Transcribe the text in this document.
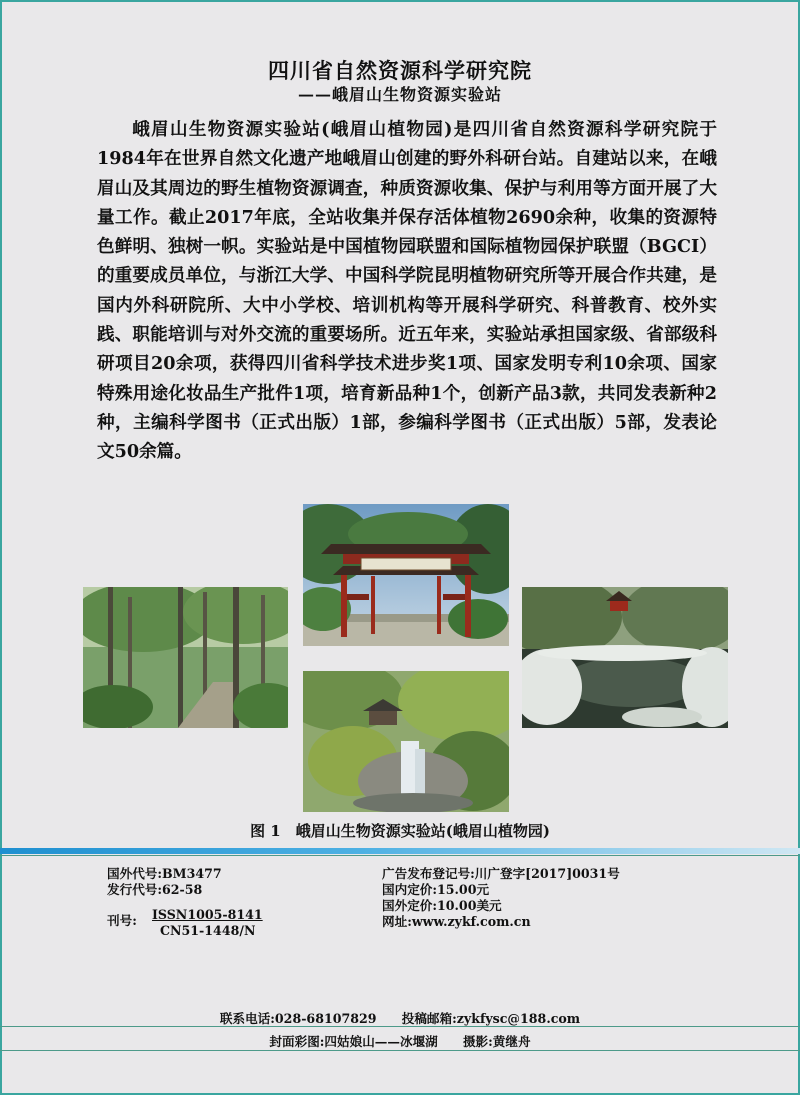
四川省自然资源科学研究院
——峨眉山生物资源实验站

峨眉山生物资源实验站(峨眉山植物园)是四川省自然资源科学研究院于1984年在世界自然文化遗产地峨眉山创建的野外科研台站。自建站以来，在峨眉山及其周边的野生植物资源调查，种质资源收集、保护与利用等方面开展了大量工作。截止2017年底，全站收集并保存活体植物2690余种，收集的资源特色鲜明、独树一帜。实验站是中国植物园联盟和国际植物园保护联盟（BGCI）的重要成员单位，与浙江大学、中国科学院昆明植物研究所等开展合作共建，是国内外科研院所、大中小学校、培训机构等开展科学研究、科普教育、校外实践、职能培训与对外交流的重要场所。近五年来，实验站承担国家级、省部级科研项目20余项，获得四川省科学技术进步奖1项、国家发明专利10余项、国家特殊用途化妆品生产批件1项，培育新品种1个，创新产品3款，共同发表新种2种，主编科学图书（正式出版）1部，参编科学图书（正式出版）5部，发表论文50余篇。

图 1　峨眉山生物资源实验站(峨眉山植物园)
国外代号:BM3477
发行代号:62-58
刊号: ISSN1005-8141
CN51-1448/N
广告发布登记号:川广登字[2017]0031号
国内定价:15.00元
国外定价:10.00美元
网址:www.zykf.com.cn
联系电话:028-68107829　　投稿邮箱:zykfysc@188.com
封面彩图:四姑娘山——冰堰湖　　摄影:黄继舟
